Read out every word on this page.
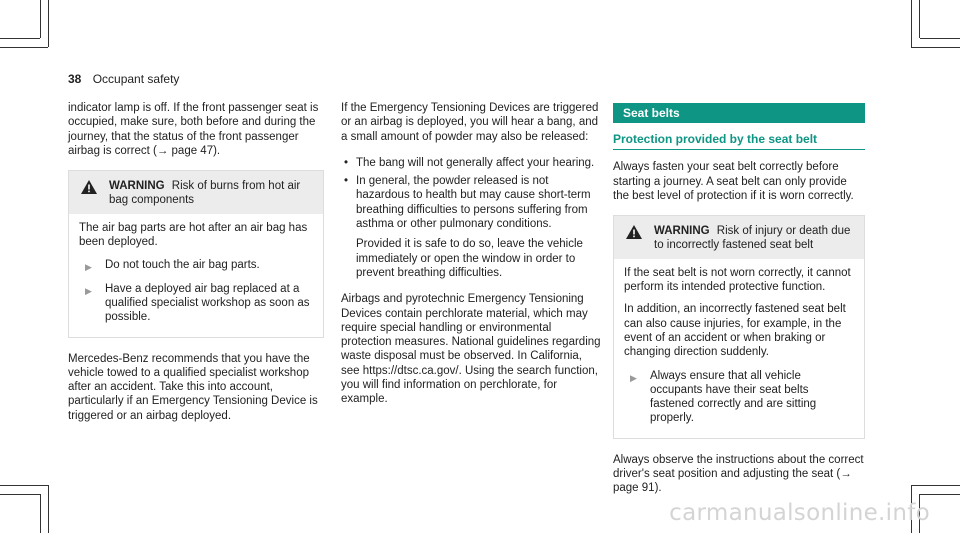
38 Occupant safety

indicator lamp is off. If the front passenger seat is occupied, make sure, both before and during the journey, that the status of the front passenger airbag is correct (→ page 47).

WARNING Risk of burns from hot air bag components

The air bag parts are hot after an air bag has been deployed.

▶ Do not touch the air bag parts.
▶ Have a deployed air bag replaced at a qualified specialist workshop as soon as possible.

Mercedes-Benz recommends that you have the vehicle towed to a qualified specialist workshop after an accident. Take this into account, particularly if an Emergency Tensioning Device is triggered or an airbag deployed.

If the Emergency Tensioning Devices are triggered or an airbag is deployed, you will hear a bang, and a small amount of powder may also be released:

• The bang will not generally affect your hearing.
• In general, the powder released is not hazardous to health but may cause short-term breathing difficulties to persons suffering from asthma or other pulmonary conditions.

Provided it is safe to do so, leave the vehicle immediately or open the window in order to prevent breathing difficulties.

Airbags and pyrotechnic Emergency Tensioning Devices contain perchlorate material, which may require special handling or environmental protection measures. National guidelines regarding waste disposal must be observed. In California, see https://dtsc.ca.gov/. Using the search function, you will find information on perchlorate, for example.

Seat belts
Protection provided by the seat belt

Always fasten your seat belt correctly before starting a journey. A seat belt can only provide the best level of protection if it is worn correctly.

WARNING Risk of injury or death due to incorrectly fastened seat belt

If the seat belt is not worn correctly, it cannot perform its intended protective function.

In addition, an incorrectly fastened seat belt can also cause injuries, for example, in the event of an accident or when braking or changing direction suddenly.

▶ Always ensure that all vehicle occupants have their seat belts fastened correctly and are sitting properly.

Always observe the instructions about the correct driver's seat position and adjusting the seat (→ page 91).

carmanualsonline.info
